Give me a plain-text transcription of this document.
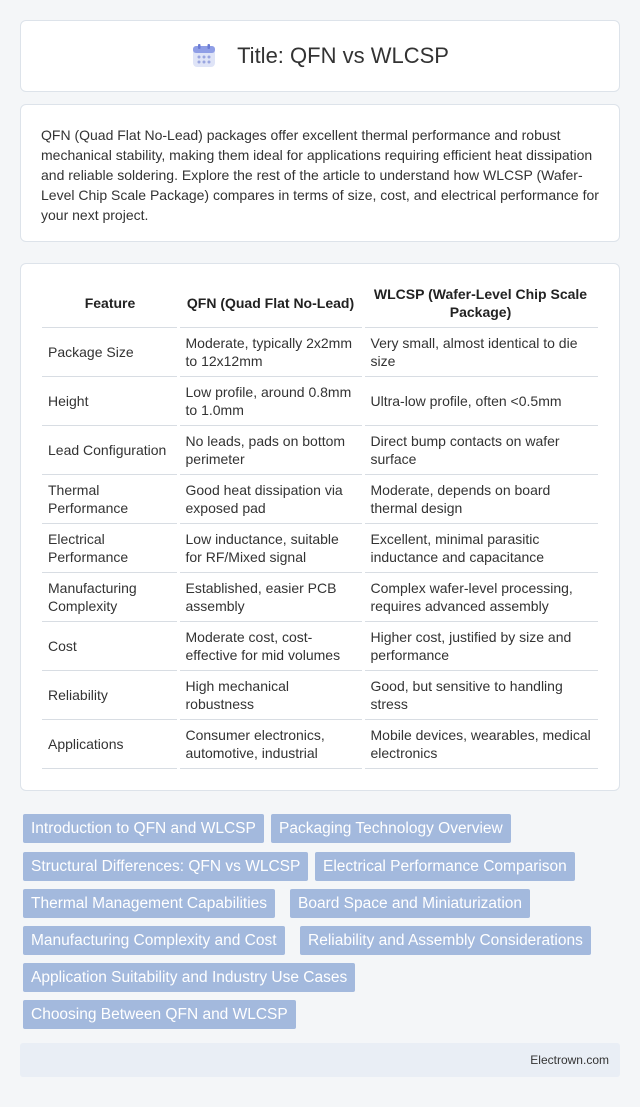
Title: QFN vs WLCSP

QFN (Quad Flat No-Lead) packages offer excellent thermal performance and robust mechanical stability, making them ideal for applications requiring efficient heat dissipation and reliable soldering. Explore the rest of the article to understand how WLCSP (Wafer-Level Chip Scale Package) compares in terms of size, cost, and electrical performance for your next project.

Feature	QFN (Quad Flat No-Lead)	WLCSP (Wafer-Level Chip Scale Package)
Package Size	Moderate, typically 2x2mm to 12x12mm	Very small, almost identical to die size
Height	Low profile, around 0.8mm to 1.0mm	Ultra-low profile, often <0.5mm
Lead Configuration	No leads, pads on bottom perimeter	Direct bump contacts on wafer surface
Thermal Performance	Good heat dissipation via exposed pad	Moderate, depends on board thermal design
Electrical Performance	Low inductance, suitable for RF/Mixed signal	Excellent, minimal parasitic inductance and capacitance
Manufacturing Complexity	Established, easier PCB assembly	Complex wafer-level processing, requires advanced assembly
Cost	Moderate cost, cost-effective for mid volumes	Higher cost, justified by size and performance
Reliability	High mechanical robustness	Good, but sensitive to handling stress
Applications	Consumer electronics, automotive, industrial	Mobile devices, wearables, medical electronics
Introduction to QFN and WLCSP	Packaging Technology Overview
Structural Differences: QFN vs WLCSP	Electrical Performance Comparison
Thermal Management Capabilities	Board Space and Miniaturization
Manufacturing Complexity and Cost	Reliability and Assembly Considerations
Application Suitability and Industry Use Cases
Choosing Between QFN and WLCSP
Electrown.com
